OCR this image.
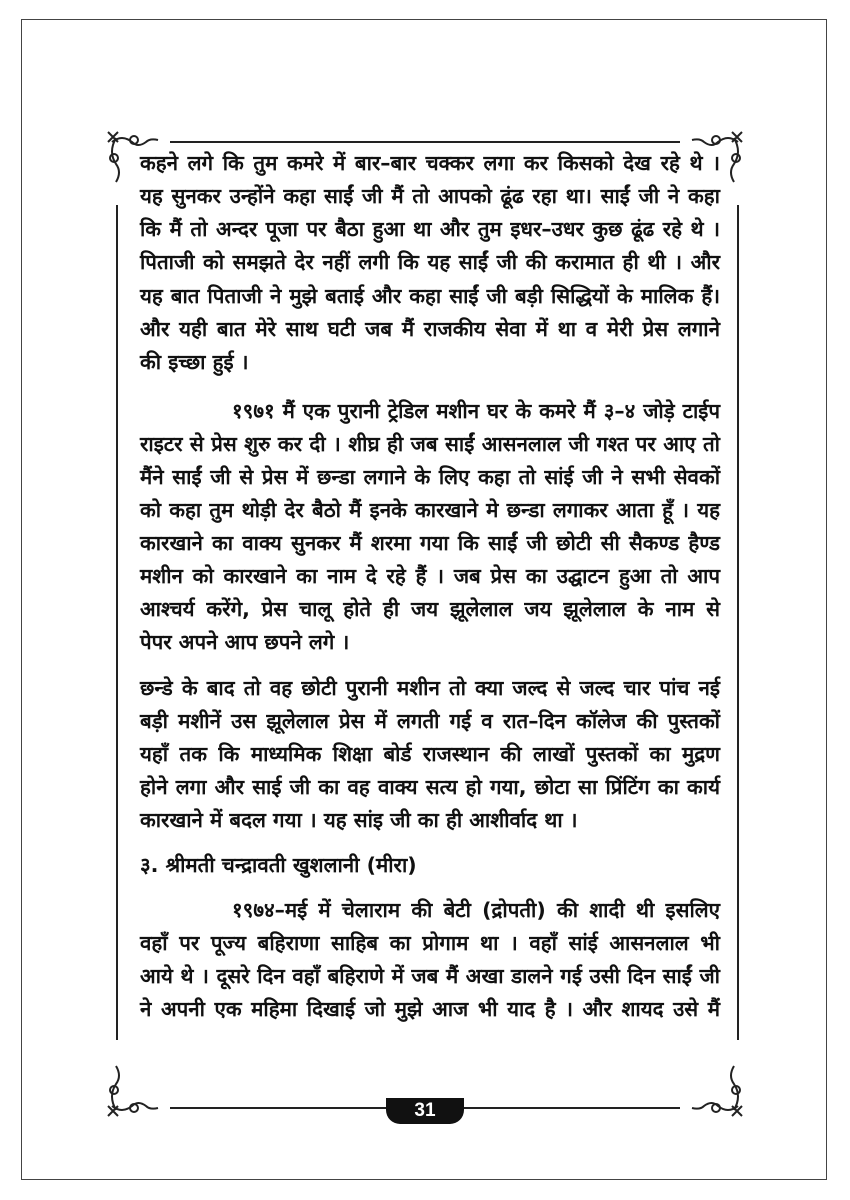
कहने लगे कि तुम कमरे में बार–बार चक्कर लगा कर किसको देख रहे थे ।
यह सुनकर उन्होंने कहा साईं जी मैं तो आपको ढूंढ रहा था। साईं जी ने कहा
कि मैं तो अन्दर पूजा पर बैठा हुआ था और तुम इधर–उधर कुछ ढूंढ रहे थे ।
पिताजी को समझते देर नहीं लगी कि यह साईं जी की करामात ही थी । और
यह बात पिताजी ने मुझे बताई और कहा साईं जी बड़ी सिद्धियों के मालिक हैं।
और यही बात मेरे साथ घटी जब मैं राजकीय सेवा में था व मेरी प्रेस लगाने
की इच्छा हुई ।
१९७१ मैं एक पुरानी ट्रेडिल मशीन घर के कमरे मैं ३–४ जोड़े टाईप
राइटर से प्रेस शुरु कर दी । शीघ्र ही जब साईं आसनलाल जी गश्त पर आए तो
मैंने साईं जी से प्रेस में छन्डा लगाने के लिए कहा तो सांई जी ने सभी सेवकों
को कहा तुम थोड़ी देर बैठो मैं इनके कारखाने मे छन्डा लगाकर आता हूँ । यह
कारखाने का वाक्य सुनकर मैं शरमा गया कि साईं जी छोटी सी सैकण्ड हैण्ड
मशीन को कारखाने का नाम दे रहे हैं । जब प्रेस का उद्घाटन हुआ तो आप
आश्चर्य करेंगे, प्रेस चालू होते ही जय झूलेलाल जय झूलेलाल के नाम से
पेपर अपने आप छपने लगे ।
छन्डे के बाद तो वह छोटी पुरानी मशीन तो क्या जल्द से जल्द चार पांच नई
बड़ी मशीनें उस झूलेलाल प्रेस में लगती गई व रात–दिन कॉलेज की पुस्तकों
यहाँ तक कि माध्यमिक शिक्षा बोर्ड राजस्थान की लाखों पुस्तकों का मुद्रण
होने लगा और साई जी का वह वाक्य सत्य हो गया, छोटा सा प्रिंटिंग का कार्य
कारखाने में बदल गया । यह सांइ जी का ही आशीर्वाद था ।
३. श्रीमती चन्द्रावती खुशलानी (मीरा)
१९७४–मई में चेलाराम की बेटी (द्रोपती) की शादी थी इसलिए
वहाँ पर पूज्य बहिराणा साहिब का प्रोगाम था । वहाँ सांई आसनलाल भी
आये थे । दूसरे दिन वहाँ बहिराणे में जब मैं अखा डालने गई उसी दिन साईं जी
ने अपनी एक महिमा दिखाई जो मुझे आज भी याद है । और शायद उसे मैं
31
